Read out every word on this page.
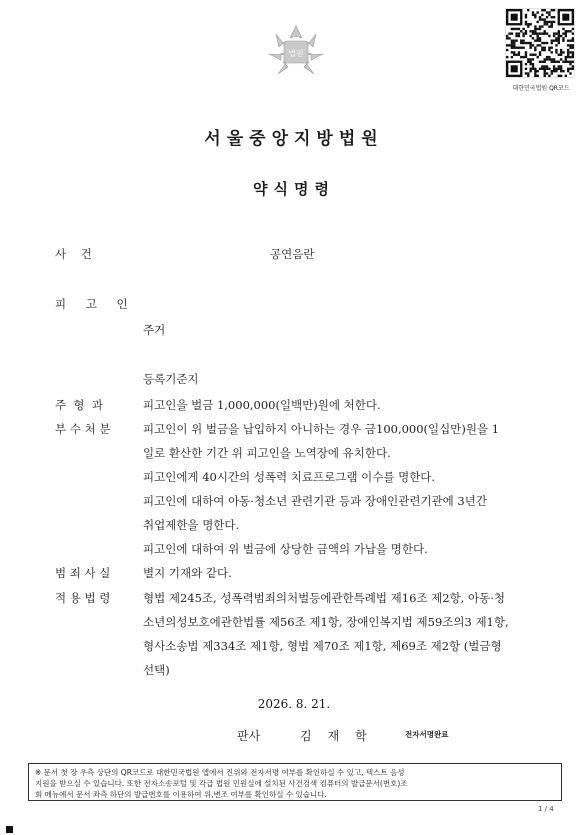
법원
대한민국법원 QR코드
서울중앙지방법원
약식명령
사    건	공연음란
피 고 인
주거
등록기준지
주  형  과	피고인을 벌금 1,000,000(일백만)원에 처한다.
부 수 처 분	피고인이 위 벌금을 납입하지 아니하는 경우 금100,000(일십만)원을 1
일로 환산한 기간 위 피고인을 노역장에 유치한다.
피고인에게 40시간의 성폭력 치료프로그램 이수를 명한다.
피고인에 대하여 아동·청소년 관련기관 등과 장애인관련기관에 3년간
취업제한을 명한다.
피고인에 대하여 위 벌금에 상당한 금액의 가납을 명한다.
범 죄 사 실	별지 기재와 같다.
적 용 법 령	형법 제245조, 성폭력범죄의처벌등에관한특례법 제16조 제2항, 아동·청
소년의성보호에관한법률 제56조 제1항, 장애인복지법 제59조의3 제1항,
형사소송법 제334조 제1항, 형법 제70조 제1항, 제69조 제2항 (벌금형
선택)
2026. 8. 21.
판사	김재학	전자서명완료
※ 문서 첫 장 우측 상단의 QR코드로 대한민국법원 앱에서 진위와 전자서명 여부를 확인하실 수 있고, 텍스트 음성
지원을 받으실 수 있습니다. 또한 전자소송포털 및 각급 법원 민원실에 설치된 사건검색 컴퓨터의 발급문서(번호)조
회 메뉴에서 문서 좌측 하단의 발급번호를 이용하여 위,변조 여부를 확인하실 수 있습니다.
1 / 4
